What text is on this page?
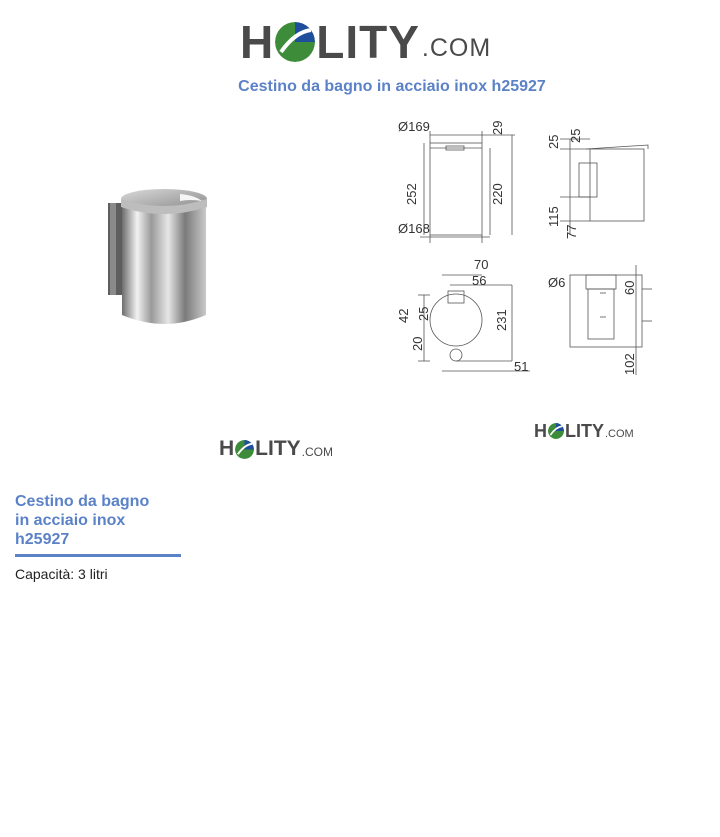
H LITY .COM
Cestino da bagno in acciaio inox h25927
Ø169	29
252	220
Ø168
25 25
115
77
70
56
42 25	231
20
51
Ø6	60
102
H LITY .COM
H LITY .COM
Cestino da bagno
in acciaio inox
h25927
Capacità: 3 litri
